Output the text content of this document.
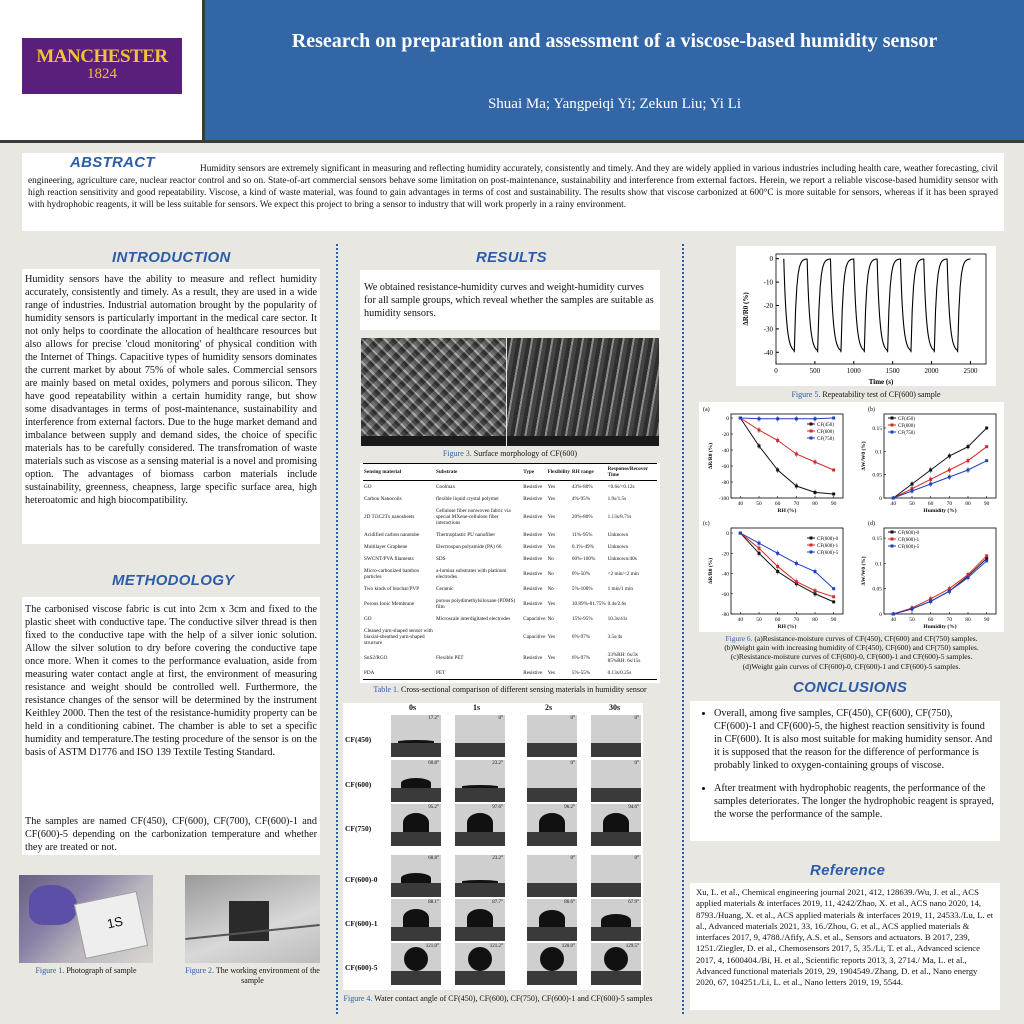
MANCHESTER
1824
Research on preparation and assessment of a viscose-based humidity sensor
Shuai Ma; Yangpeiqi Yi; Zekun Liu; Yi Li
ABSTRACT	Humidity sensors are extremely significant in measuring and reflecting humidity accurately, consistently and timely. And they are widely applied in various industries including health care, weather forecasting, civil engineering, agriculture care, nuclear reactor control and so on. State-of-art commercial sensors behave some limitation on post-maintenance, sustainability and interference from external factors. Herein, we report a reliable viscose-based humidity sensor with high reaction sensitivity and good repeatability. Viscose, a kind of waste material, was found to gain advantages in terms of cost and sustainability. The results show that viscose carbonized at 600°C is more suitable for sensors, whereas if it has been sprayed with hydrophobic reagents, it will be less suitable for sensors. We expect this project to bring a sensor to industry that will work properly in a rainy environment.
INTRODUCTION
Humidity sensors have the ability to measure and reflect humidity accurately, consistently and timely. As a result, they are used in a wide range of industries. Industrial automation brought by the popularity of humidity sensors is particularly important in the medical care sector. It not only helps to coordinate the allocation of healthcare resources but also allows for precise 'cloud monitoring' of physical condition with the Internet of Things. Capacitive types of humidity sensors dominates the current market by about 75% of whole sales. Commercial sensors are mainly based on metal oxides, polymers and porous silicon. They have good repeatability within a certain humidity range, but show some disadvantages in terms of post-maintenance, sustainability and interference from external factors. Due to the huge market demand and imbalance between supply and demand sides, the choice of specific materials has to be carefully considered. The transfromation of waste materials such as viscose as a sensing material is a novel and promising option. The advantages of biomass carbon materials include sustainability, greenness, cheapness, large specific surface area, high heteroatomic and high biocompatibility.
METHODOLOGY
The carbonised viscose fabric is cut into 2cm x 3cm and fixed to the plastic sheet with conductive tape. The conductive silver thread is then fixed to the conductive tape with the help of a silver ionic solution. Allow the silver solution to dry before covering the conductive tape once more. When it comes to the performance evaluation, aside from measuring water contact angle at first, the environment of measuring resistance and weight should be controlled well. Furthermore, the resistance changes of the sensor will be determined by the instrument Keithley 2000. Then the test of the resistance-humidity property can be held in a conditioning cabinet. The chamber is able to set a specific humidity and temperature.The testing procedure of the sensor is on the basis of ASTM D1776 and ISO 139 Textile Testing Standard.
The samples are named CF(450), CF(600), CF(700), CF(600)-1 and CF(600)-5 depending on the carbonization temperature and whether they are treated or not.
1S
Figure 1. Photograph of sample	Figure 2. The working environment of the sample
RESULTS
We obtained resistance-humidity curves and weight-humidity curves for all sample groups, which reveal whether the samples are suitable as humidity sensors.
Figure 3. Surface morphology of CF(600)
Sensing material	Substrate	Type	Flexibility	RH range	Response/Recover Time
GO	Coolmax	Resistive	Yes	43%-80%	<0.6s/<0.12s
Carbon Nanocoils	flexible liquid crystal polymer	Resistive	Yes	4%-95%	1.9s/1.5s
2D Ti3C2Tx nanosheets	Cellulose fiber nonwoven fabric via special MXene-cellulose fiber interactions	Resistive	Yes	20%-80%	1.13s/8.71s
Acidified carbon nanotube	Thermoplastic PU nanofiber	Resistive	Yes	11%-95%	Unknown
Multilayer Graphene	Electrospun polyamide (PA) 66	Resistive	Yes	0.1%-49%	Unknown
SWCNT/PVA filaments	SDS	Resistive	No	60%-100%	Unknown/40s
Micro-carbonized bamboo particles	a-lumina substrates with platinum electrodes	Resistive	No	0%-50%	<2 min/<2 min
Two kinds of biochar/PVP	Ceramic	Resistive	No	5%-100%	1 min/1 min
Porous Ionic Membrane	porous polydimethylsiloxane (PDMS) film	Resistive	Yes	10.89%-81.75%	0.4s/2.6s
GO	Microscale interdigitated electrodes	Capacitive	No	15%-95%	10.3s/41s
Cleaned yarn-shaped sensor with biaxial-sheathed yarn-shaped structure		Capacitive	Yes	6%-97%	3.5s/4s
SnS2/RGO	Flexible PET	Resistive	Yes	6%-97%	33%RH: 6s/3s 85%RH: 6s/15s
PDA	PET	Resistive	Yes	5%-55%	0.13s/0.25s
Table 1. Cross-sectional comparison of different sensing materials in humidity sensor
0s	1s	2s	30s
CF(450)
17.2°	0°	0°	0°
CF(600)
60.8°	23.2°	0°	0°
CF(750)
95.2°	97.6°	96.2°	94.6°
CF(600)-0
60.8°	23.2°	0°	0°
CF(600)-1
88.1°	87.7°	86.6°	67.9°
CF(600)-5
121.0°	121.2°	120.0°	129.5°
Figure 4. Water contact angle of CF(450), CF(600), CF(750), CF(600)-1 and CF(600)-5 samples
0	500	1000	1500	2000	2500
0
-10
-20
-30
-40
Time (s)
ΔR/R0 (%)
Figure 5. Repeatability test of CF(600) sample
40 50 60 70 80 90
0
-20
-40
-60
-80
-100
RH (%)
ΔR/R0 (%)
CF(450)
CF(600)
CF(750)
(a)
40 50 60 70 80 90
0
0.05
0.1
0.15
Humidity (%)
ΔW/W0 (%)
CF(450)
CF(600)
CF(750)
(b)
40 50 60 70 80 90
0
-20
-40
-60
-80
RH (%)
ΔR/R0 (%)
CF(600)-0
CF(600)-1
CF(600)-5
(c)
40 50 60 70 80 90
0
0.05
0.1
0.15
Humidity (%)
ΔW/W0 (%)
CF(600)-0
CF(600)-1
CF(600)-5
(d)
Figure 6. (a)Resistance-moisture curves of CF(450), CF(600) and CF(750) samples.
(b)Weight gain with increasing humidity of CF(450), CF(600) and CF(750) samples.
(c)Resistance-moisture curves of CF(600)-0, CF(600)-1 and CF(600)-5 samples.
(d)Weight gain curves of CF(600)-0, CF(600)-1 and CF(600)-5 samples.
CONCLUSIONS
• Overall, among five samples, CF(450), CF(600), CF(750), CF(600)-1 and CF(600)-5, the highest reaction sensitivity is found in CF(600). It is also most suitable for making humidity sensor. And it is supposed that the reason for the difference of performance is probably linked to oxygen-containing groups of viscose.
• After treatment with hydrophobic reagents, the performance of the samples deteriorates. The longer the hydrophobic reagent is sprayed, the worse the performance of the sample.
Reference
Xu, L. et al., Chemical engineering journal 2021, 412, 128639./Wu, J. et al., ACS applied materials & interfaces 2019, 11, 4242/Zhao, X. et al., ACS nano 2020, 14, 8793./Huang, X. et al., ACS applied materials & interfaces 2019, 11, 24533./Lu, L. et al., Advanced materials 2021, 33, 16./Zhou, G. et al., ACS applied materials & interfaces 2017, 9, 4788./Afify, A.S. et al., Sensors and actuators. B 2017, 239, 1251./Ziegler, D. et al., Chemosensors 2017, 5, 35./Li, T. et al., Advanced science 2017, 4, 1600404./Bi, H. et al., Scientific reports 2013, 3, 2714./ Ma, L. et al., Advanced functional materials 2019, 29, 1904549./Zhang, D. et al., Nano energy 2020, 67, 104251./Li, L. et al., Nano letters 2019, 19, 5544.
